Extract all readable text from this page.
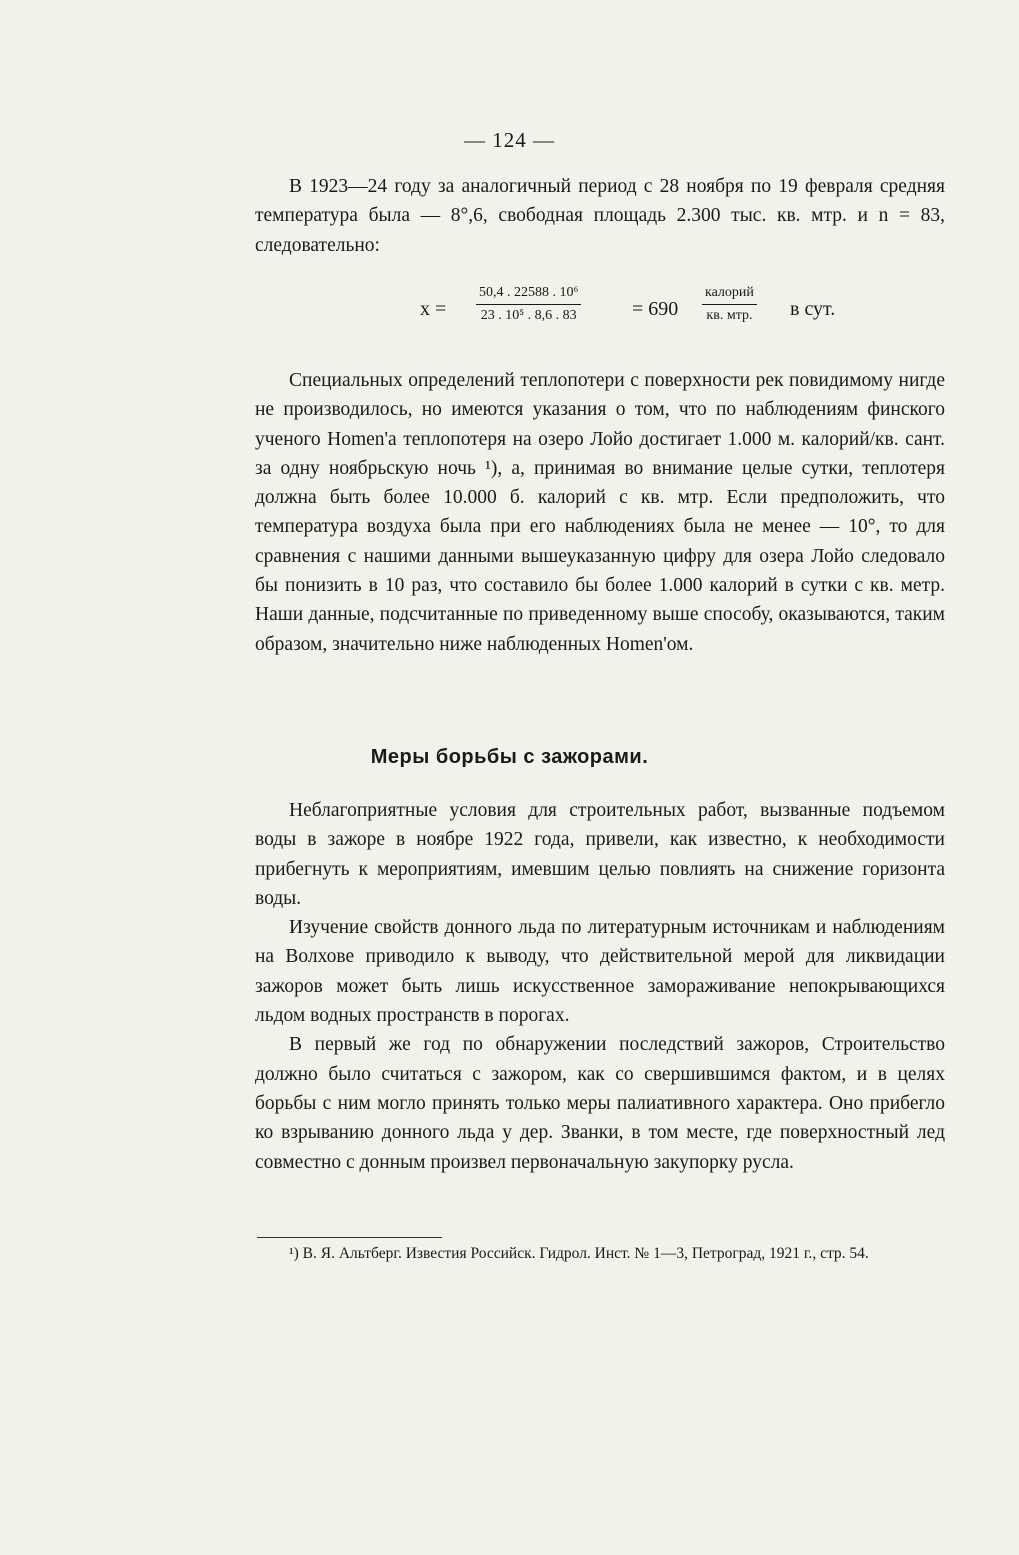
— 124 —

В 1923—24 году за аналогичный период с 28 ноября по 19 февраля средняя температура была — 8°,6, свободная площадь 2.300 тыс. кв. мтр. и n = 83, следовательно:

$x = \frac{\text{50,4 . 22588 . 10⁶}}{\text{23 . 10⁵ . 8,6 . 83}}$	= 690
калорий
кв. мтр. в сут.

Специальных определений теплопотери с поверхности рек повидимому нигде не производилось, но имеются указания о том, что по наблюдениям финского ученого Homen'а теплопотеря на озеро Лойо достигает 1.000 м. калорий/кв. сант. за одну ноябрьскую ночь ¹), а, принимая во внимание целые сутки, теплотеря должна быть более 10.000 б. калорий с кв. мтр. Если предположить, что температура воздуха была при его наблюдениях была не менее — 10°, то для сравнения с нашими данными вышеуказанную цифру для озера Лойо следовало бы понизить в 10 раз, что составило бы более 1.000 калорий в сутки с кв. метр. Наши данные, подсчитанные по приведенному выше способу, оказываются, таким образом, значительно ниже наблюденных Homen'ом.

Меры борьбы с зажорами.

Неблагоприятные условия для строительных работ, вызванные подъемом воды в зажоре в ноябре 1922 года, привели, как известно, к необходимости прибегнуть к мероприятиям, имевшим целью повлиять на снижение горизонта воды.

Изучение свойств донного льда по литературным источникам и наблюдениям на Волхове приводило к выводу, что действительной мерой для ликвидации зажоров может быть лишь искусственное замораживание непокрывающихся льдом водных пространств в порогах.

В первый же год по обнаружении последствий зажоров, Строительство должно было считаться с зажором, как со свершившимся фактом, и в целях борьбы с ним могло принять только меры палиативного характера. Оно прибегло ко взрыванию донного льда у дер. Званки, в том месте, где поверхностный лед совместно с донным произвел первоначальную закупорку русла.

¹) В. Я. Альтберг. Известия Российск. Гидрол. Инст. № 1—3, Петроград, 1921 г., стр. 54.
